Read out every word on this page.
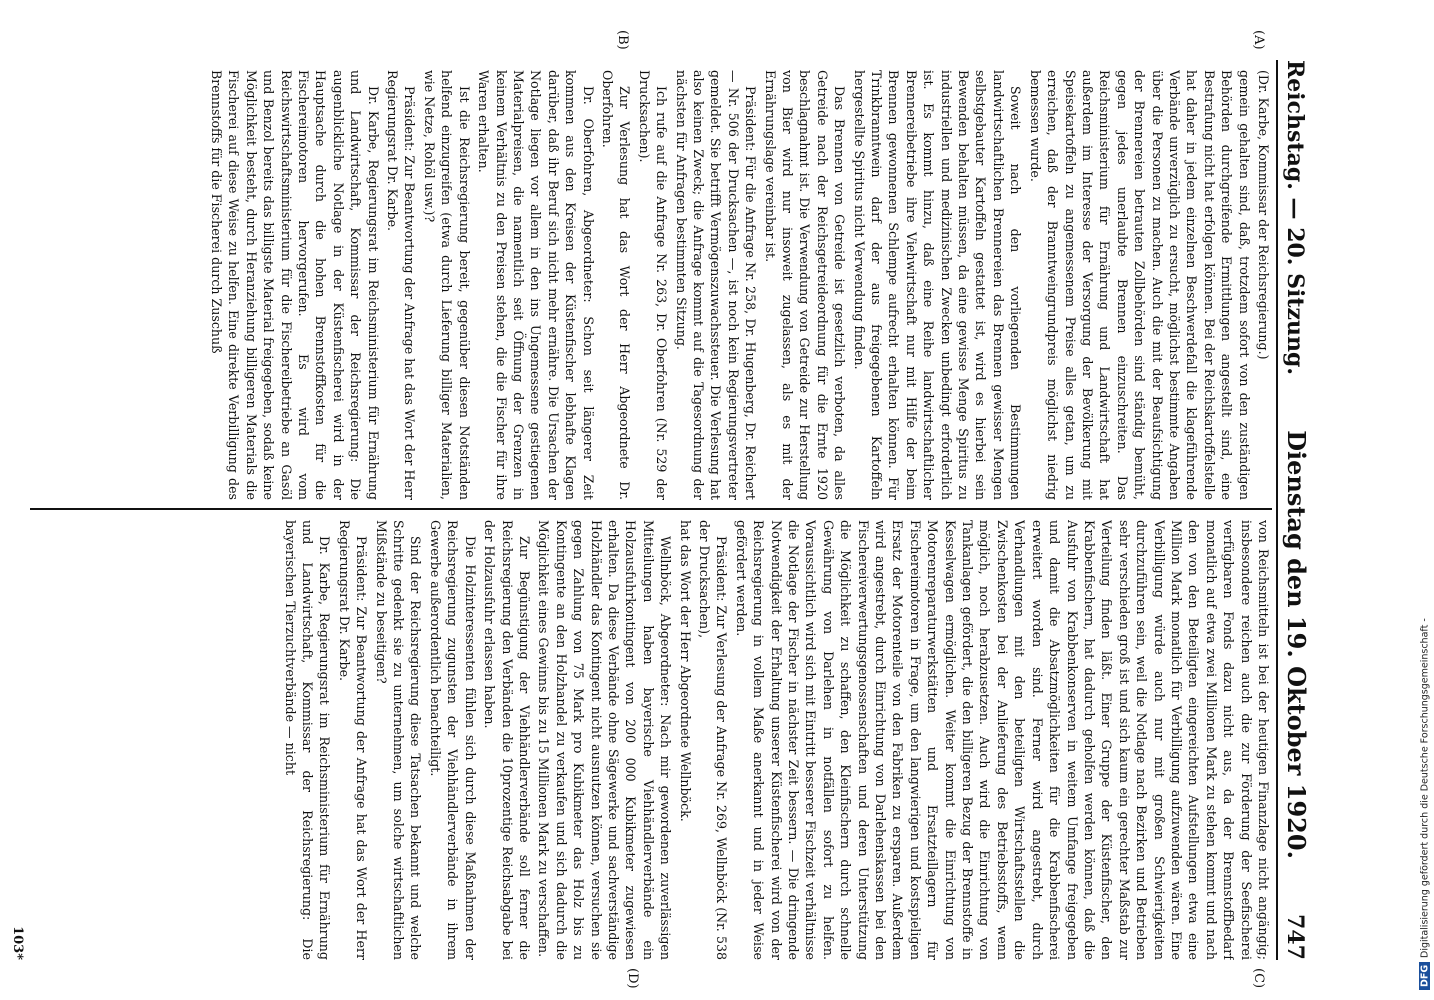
Reichstag. — 20. Sitzung.
Dienstag den 19. Oktober 1920.
747
(A)
(B)
(C)
(D)

(Dr. Karbe, Kommissar der Reichsregierung.)

gemein gehalten sind, daß, trotzdem sofort von den zuständigen Behörden durchgreifende Ermittlungen angestellt sind, eine Bestrafung nicht hat erfolgen können. Bei der Reichskartoffelstelle hat daher in jedem einzelnen Beschwerdefall die klageführende Verbände unverzüglich zu ersucht, möglichst bestimmte Angaben über die Personen zu machen. Auch die mit der Beaufsichtigung der Brennereien betrauten Zollbehörden sind ständig bemüht, gegen jedes unerlaubte Brennen einzuschreiten. Das Reichsministerium für Ernährung und Landwirtschaft hat außerdem im Interesse der Versorgung der Bevölkerung mit Speisekartoffeln zu angemessenem Preise alles getan, um zu erreichen, daß der Branntweingrundpreis möglichst niedrig bemessen wurde.

Soweit nach den vorliegenden Bestimmungen landwirtschaftlichen Brennereien das Brennen gewisser Mengen selbstgebauter Kartoffeln gestattet ist, wird es hierbei sein Bewenden behalten müssen, da eine gewisse Menge Spiritus zu industriellen und medizinischen Zwecken unbedingt erforderlich ist. Es kommt hinzu, daß eine Reihe landwirtschaftlicher Brennereibetriebe ihre Viehwirtschaft nur mit Hilfe der beim Brennen gewonnenen Schlempe aufrecht erhalten können. Für Trinkbranntwein darf der aus freigegebenen Kartoffeln hergestellte Spiritus nicht Verwendung finden.

Das Brennen von Getreide ist gesetzlich verboten, da alles Getreide nach der Reichsgetreideordnung für die Ernte 1920 beschlagnahmt ist. Die Verwendung von Getreide zur Herstellung von Bier wird nur insoweit zugelassen, als es mit der Ernährungslage vereinbar ist.

Präsident: Für die Anfrage Nr. 258, Dr. Hugenberg, Dr. Reichert — Nr. 506 der Drucksachen —, ist noch kein Regierungsvertreter gemeldet. Sie betrifft Vermögenszuwachssteuer. Die Verlesung hat also keinen Zweck; die Anfrage kommt auf die Tagesordnung der nächsten für Anfragen bestimmten Sitzung.

Ich rufe auf die Anfrage Nr. 263, Dr. Oberfohren (Nr. 529 der Drucksachen).

Zur Verlesung hat das Wort der Herr Abgeordnete Dr. Oberfohren.

Dr. Oberfohren, Abgeordneter: Schon seit längerer Zeit kommen aus den Kreisen der Küstenfischer lebhafte Klagen darüber, daß ihr Beruf sich nicht mehr ernähre. Die Ursachen der Notlage liegen vor allem in den ins Ungemessene gestiegenen Materialpreisen, die namentlich seit Öffnung der Grenzen in keinem Verhältnis zu den Preisen stehen, die die Fischer für ihre Waren erhalten.

Ist die Reichsregierung bereit, gegenüber diesen Notständen helfend einzugreifen (etwa durch Lieferung billiger Materialien, wie Netze, Rohöl usw.)?

Präsident: Zur Beantwortung der Anfrage hat das Wort der Herr Regierungsrat Dr. Karbe.

Dr. Karbe, Regierungsrat im Reichsministerium für Ernährung und Landwirtschaft, Kommissar der Reichsregierung: Die augenblickliche Notlage in der Küstenfischerei wird in der Hauptsache durch die hohen Brennstoffkosten für die Fischereimotoren hervorgerufen. Es wird vom Reichswirtschaftsministerium für die Fischereibetriebe an Gasöl und Benzol bereits das billigste Material freigegeben, sodaß keine Möglichkeit besteht, durch Heranziehung billigeren Materials die Fischerei auf diese Weise zu helfen. Eine direkte Verbilligung des Brennstoffs für die Fischerei durch Zuschuß

von Reichsmitteln ist bei der heutigen Finanzlage nicht angängig; insbesondere reichen auch die zur Förderung der Seefischerei verfügbaren Fonds dazu nicht aus, da der Brennstoffbedarf monatlich auf etwa zwei Millionen Mark zu stehen kommt und nach den von den Beteiligten eingereichten Aufstellungen etwa eine Million Mark monatlich für Verbilligung aufzuwenden wären. Eine Verbilligung würde auch nur mit großen Schwierigkeiten durchzuführen sein, weil die Notlage nach Bezirken und Betrieben sehr verschieden groß ist und sich kaum ein gerechter Maßstab zur Verteilung finden läßt. Einer Gruppe der Küstenfischer, den Krabbenfischern, hat dadurch geholfen werden können, daß die Ausfuhr von Krabbenkonserven in weitem Umfange freigegeben und damit die Absatzmöglichkeiten für die Krabbenfischerei erweitert worden sind. Ferner wird angestrebt, durch Verhandlungen mit den beteiligten Wirtschaftsstellen die Zwischenkosten bei der Anlieferung des Betriebsstoffs, wenn möglich, noch herabzusetzen. Auch wird die Einrichtung von Tankanlagen gefördert, die den billigeren Bezug der Brennstoffe in Kesselwagen ermöglichen. Weiter kommt die Einrichtung von Motorenreparaturwerkstätten und Ersatzteillagern für Fischereimotoren in Frage, um den langwierigen und kostspieligen Ersatz der Motorenteile von den Fabriken zu ersparen. Außerdem wird angestrebt, durch Einrichtung von Darlehenskassen bei den Fischereiverwertungsgenossenschaften und deren Unterstützung die Möglichkeit zu schaffen, den Kleinfischern durch schnelle Gewährung von Darlehen in notfällen sofort zu helfen. Voraussichtlich wird sich mit Eintritt besserer Fischzeit verhältnisse die Notlage der Fischer in nächster Zeit bessern. — Die dringende Notwendigkeit der Erhaltung unserer Küstenfischerei wird von der Reichsregierung in vollem Maße anerkannt und in jeder Weise gefördert werden.

Präsident: Zur Verlesung der Anfrage Nr. 269, Wellnböck (Nr. 538 der Drucksachen),

hat das Wort der Herr Abgeordnete Wellnböck.

Wellnböck, Abgeordneter: Nach mir gewordenen zuverlässigen Mitteilungen haben bayerische Viehhändlerverbände ein Holzausfuhrkontingent von 200 000 Kubikmeter zugewiesen erhalten. Da diese Verbände ohne Sägewerke und sachverständige Holzhändler das Kontingent nicht ausnutzen können, versuchen sie gegen Zahlung von 75 Mark pro Kubikmeter das Holz bis zu Kontingente an den Holzhandel zu verkaufen und sich dadurch die Möglichkeit eines Gewinns bis zu 15 Millionen Mark zu verschaffen.

Zur Begünstigung der Viehhändlerverbände soll ferner die Reichsregierung den Verbänden die 10prozentige Reichsabgabe bei der Holzausfuhr erlassen haben.

Die Holzinteressenten fühlen sich durch diese Maßnahmen der Reichsregierung zugunsten der Viehhändlerverbände in ihrem Gewerbe außerordentlich benachteiligt.

Sind der Reichsregierung diese Tatsachen bekannt und welche Schritte gedenkt sie zu unternehmen, um solche wirtschaftlichen Mißstände zu beseitigen?

Präsident: Zur Beantwortung der Anfrage hat das Wort der Herr Regierungsrat Dr. Karbe.

Dr. Karbe, Regierungsrat im Reichsministerium für Ernährung und Landwirtschaft, Kommissar der Reichsregierung: Die bayerischen Tierzuchtverbände — nicht

103*
DFG
Digitalisierung gefördert durch die Deutsche Forschungsgemeinschaft -
